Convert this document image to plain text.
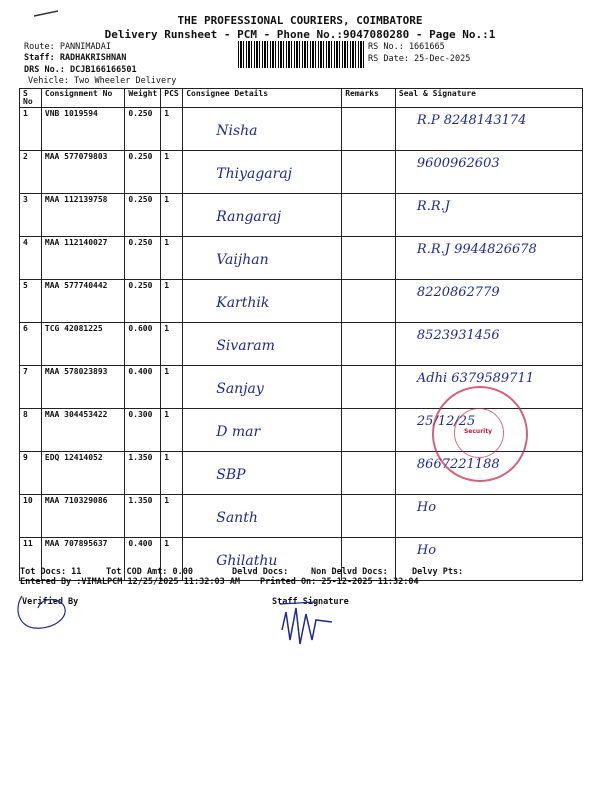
THE PROFESSIONAL COURIERS, COIMBATORE
Delivery Runsheet - PCM - Phone No.:9047080280 - Page No.:1
Route: PANNIMADAI
Staff: RADHAKRISHNAN
DRS No.: DCJB166166501
Vehicle: Two Wheeler Delivery
RS No.: 1661665
RS Date: 25-Dec-2025
S No	Consignment No	Weight	PCS	Consignee Details	Remarks	Seal & Signature
1	VNB 1019594	0.250	1	Nisha		R.P 8248143174

2	MAA 577079803	0.250	1	Thiyagaraj		9600962603

3	MAA 112139758	0.250	1	Rangaraj		R.R.J

4	MAA 112140027	0.250	1	Vaijhan		R.R.J 9944826678

5	MAA 577740442	0.250	1	Karthik		8220862779

6	TCG 42081225	0.600	1	Sivaram		8523931456

7	MAA 578023893	0.400	1	Sanjay		Adhi 6379589711

8	MAA 304453422	0.300	1	D mar		25/12/25

9	EDQ 12414052	1.350	1	SBP		8667221188

10	MAA 710329086	1.350	1	Santh		Ho

11	MAA 707895637	0.400	1	Ghilathu		Ho
Security
Tot Docs: 11	Tot COD Amt: 0.00	Delvd Docs:	Non Delvd Docs:	Delvy Pts:
Entered By :VIMALPCM 12/25/2025 11:32:03 AM Printed On: 25-12-2025 11:32:04
Verified By	Staff Signature
